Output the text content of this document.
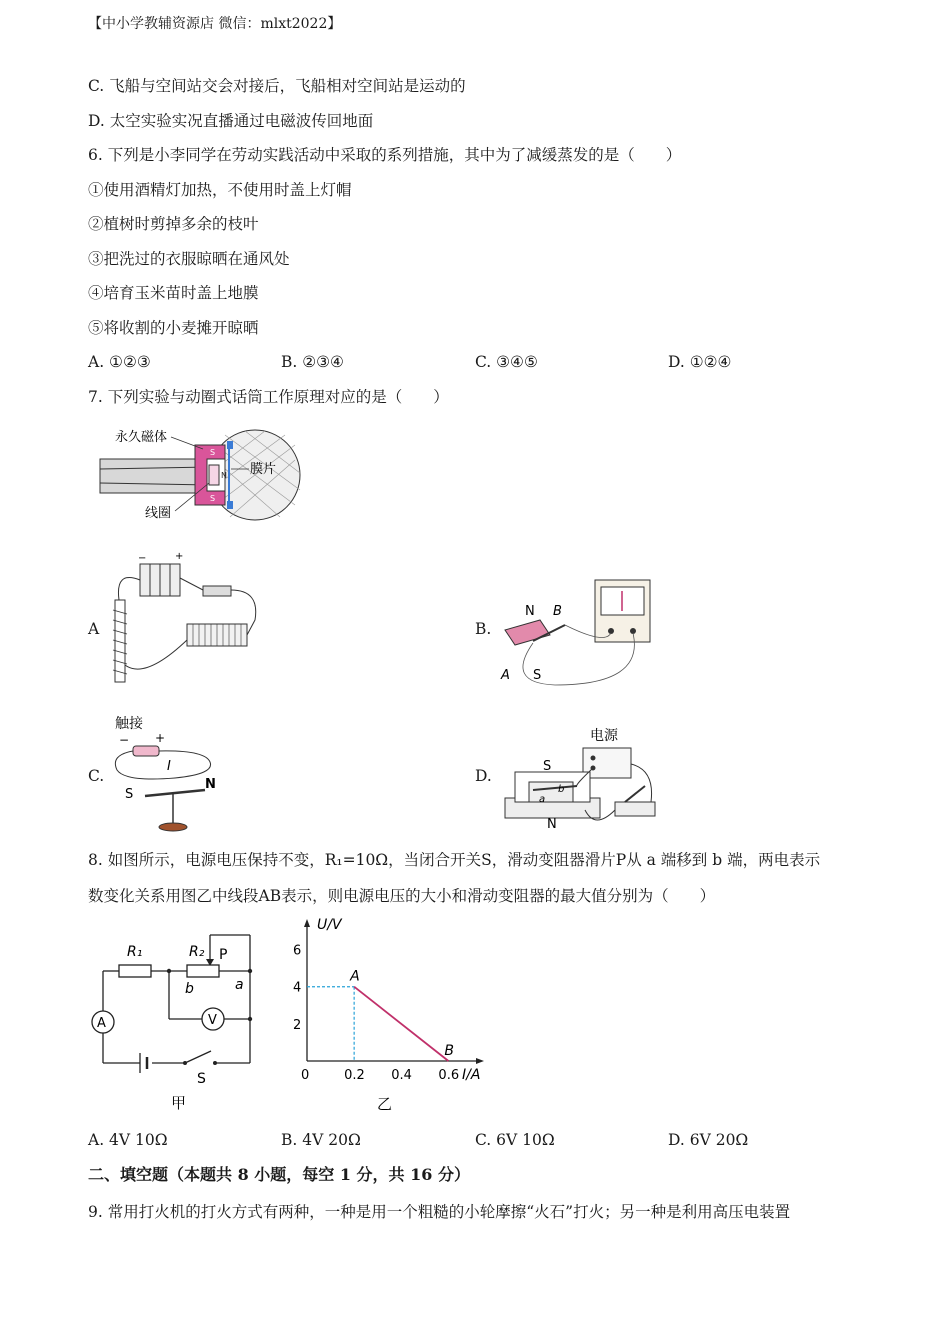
【中小学教辅资源店 微信：mlxt2022】
C. 飞船与空间站交会对接后，飞船相对空间站是运动的
D. 太空实验实况直播通过电磁波传回地面
6. 下列是小李同学在劳动实践活动中采取的系列措施，其中为了减缓蒸发的是（　　）
①使用酒精灯加热，不使用时盖上灯帽
②植树时剪掉多余的枝叶
③把洗过的衣服晾晒在通风处
④培育玉米苗时盖上地膜
⑤将收割的小麦摊开晾晒
A. ①②③	B. ②③④	C. ③④⑤	D. ①②④
7. 下列实验与动圈式话筒工作原理对应的是（　　）
S
N
S
永久磁体
膜片
线圈
A
−	+
B.
N B
A S
C.
触接
− +
I
S
N	D.
电源
S
N
a
b
8. 如图所示，电源电压保持不变，R₁=10Ω，当闭合开关S，滑动变阻器滑片P从 a 端移到 b 端，两电表示
数变化关系用图乙中线段AB表示，则电源电压的大小和滑动变阻器的最大值分别为（　　）
R₁	R₂ P
b	a
A	V
S
甲
U/V
I/A
0	0.2 0.4 0.6
2
4
6
A
B
乙
A. 4V 10Ω	B. 4V 20Ω	C. 6V 10Ω	D. 6V 20Ω
二、填空题（本题共 8 小题，每空 1 分，共 16 分）
9. 常用打火机的打火方式有两种，一种是用一个粗糙的小轮摩擦“火石”打火；另一种是利用高压电装置
